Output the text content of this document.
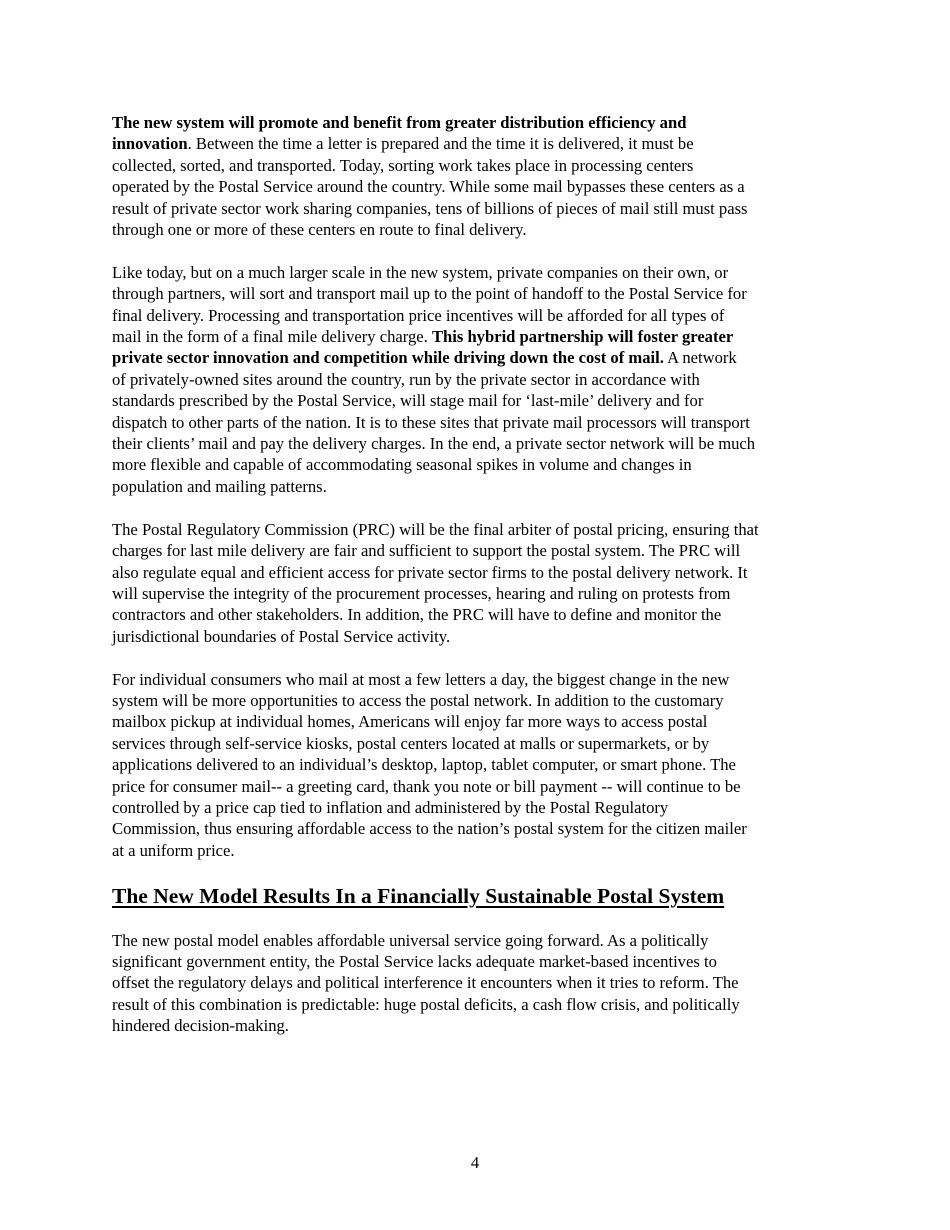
The new system will promote and benefit from greater distribution efficiency and
innovation. Between the time a letter is prepared and the time it is delivered, it must be
collected, sorted, and transported. Today, sorting work takes place in processing centers
operated by the Postal Service around the country. While some mail bypasses these centers as a
result of private sector work sharing companies, tens of billions of pieces of mail still must pass
through one or more of these centers en route to final delivery.

Like today, but on a much larger scale in the new system, private companies on their own, or
through partners, will sort and transport mail up to the point of handoff to the Postal Service for
final delivery. Processing and transportation price incentives will be afforded for all types of
mail in the form of a final mile delivery charge. This hybrid partnership will foster greater
private sector innovation and competition while driving down the cost of mail. A network
of privately-owned sites around the country, run by the private sector in accordance with
standards prescribed by the Postal Service, will stage mail for ‘last-mile’ delivery and for
dispatch to other parts of the nation. It is to these sites that private mail processors will transport
their clients’ mail and pay the delivery charges. In the end, a private sector network will be much
more flexible and capable of accommodating seasonal spikes in volume and changes in
population and mailing patterns.

The Postal Regulatory Commission (PRC) will be the final arbiter of postal pricing, ensuring that
charges for last mile delivery are fair and sufficient to support the postal system. The PRC will
also regulate equal and efficient access for private sector firms to the postal delivery network. It
will supervise the integrity of the procurement processes, hearing and ruling on protests from
contractors and other stakeholders. In addition, the PRC will have to define and monitor the
jurisdictional boundaries of Postal Service activity.

For individual consumers who mail at most a few letters a day, the biggest change in the new
system will be more opportunities to access the postal network. In addition to the customary
mailbox pickup at individual homes, Americans will enjoy far more ways to access postal
services through self-service kiosks, postal centers located at malls or supermarkets, or by
applications delivered to an individual’s desktop, laptop, tablet computer, or smart phone. The
price for consumer mail-- a greeting card, thank you note or bill payment -- will continue to be
controlled by a price cap tied to inflation and administered by the Postal Regulatory
Commission, thus ensuring affordable access to the nation’s postal system for the citizen mailer
at a uniform price.

The New Model Results In a Financially Sustainable Postal System

The new postal model enables affordable universal service going forward. As a politically
significant government entity, the Postal Service lacks adequate market-based incentives to
offset the regulatory delays and political interference it encounters when it tries to reform. The
result of this combination is predictable: huge postal deficits, a cash flow crisis, and politically
hindered decision-making.

4
